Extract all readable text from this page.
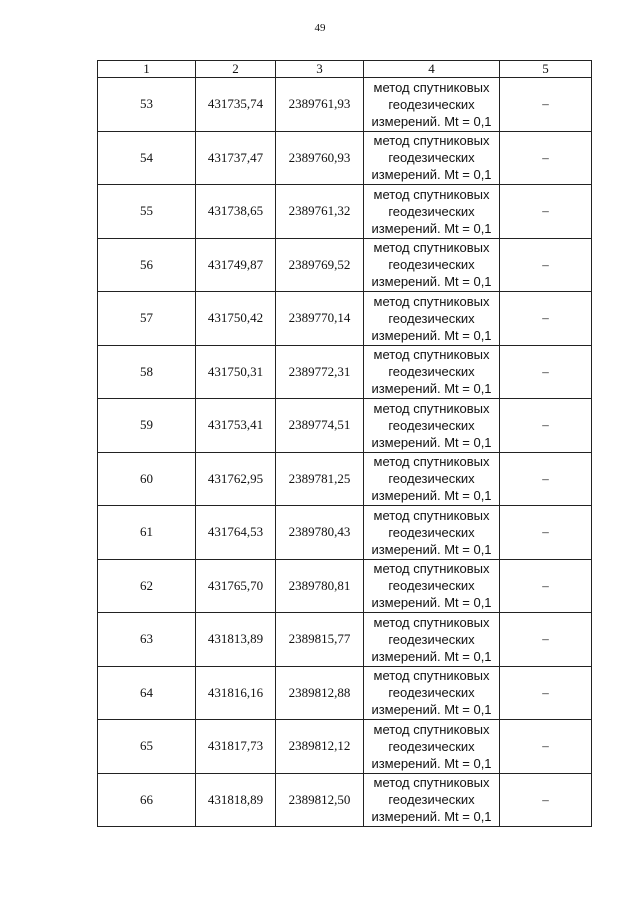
49
1	2	3	4	5
53	431735,74	2389761,93	метод спутниковых
геодезических
измерений. Mt = 0,1	–
54	431737,47	2389760,93	метод спутниковых
геодезических
измерений. Mt = 0,1	–
55	431738,65	2389761,32	метод спутниковых
геодезических
измерений. Mt = 0,1	–
56	431749,87	2389769,52	метод спутниковых
геодезических
измерений. Mt = 0,1	–
57	431750,42	2389770,14	метод спутниковых
геодезических
измерений. Mt = 0,1	–
58	431750,31	2389772,31	метод спутниковых
геодезических
измерений. Mt = 0,1	–
59	431753,41	2389774,51	метод спутниковых
геодезических
измерений. Mt = 0,1	–
60	431762,95	2389781,25	метод спутниковых
геодезических
измерений. Mt = 0,1	–
61	431764,53	2389780,43	метод спутниковых
геодезических
измерений. Mt = 0,1	–
62	431765,70	2389780,81	метод спутниковых
геодезических
измерений. Mt = 0,1	–
63	431813,89	2389815,77	метод спутниковых
геодезических
измерений. Mt = 0,1	–
64	431816,16	2389812,88	метод спутниковых
геодезических
измерений. Mt = 0,1	–
65	431817,73	2389812,12	метод спутниковых
геодезических
измерений. Mt = 0,1	–
66	431818,89	2389812,50	метод спутниковых
геодезических
измерений. Mt = 0,1	–
